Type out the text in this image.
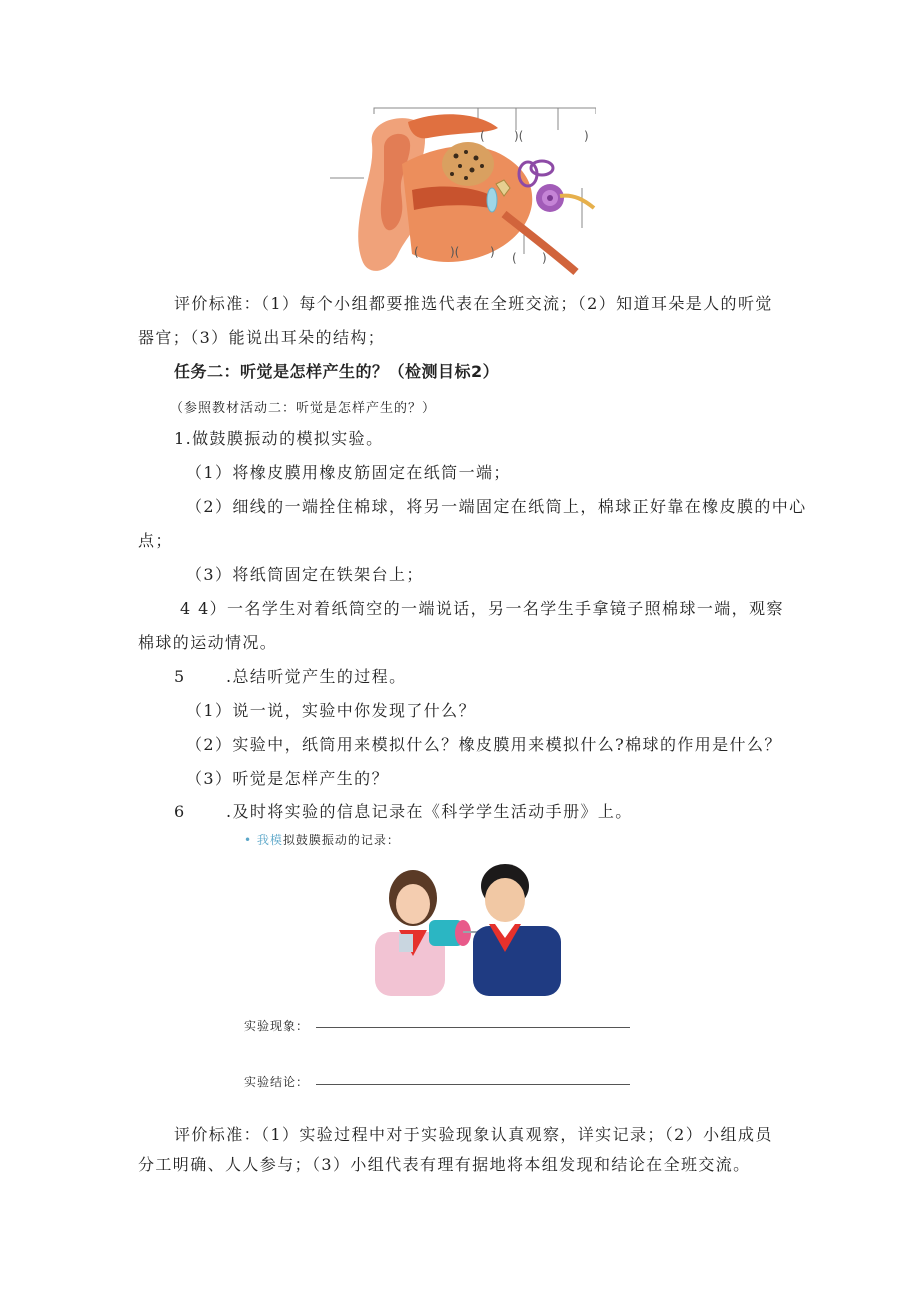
( )(	)
(	)(	) ( )
评价标准：（1）每个小组都要推选代表在全班交流；（2）知道耳朵是人的听觉
器官；（3）能说出耳朵的结构；
任务二：听觉是怎样产生的？（检测目标2）
（参照教材活动二：听觉是怎样产生的？）
1.做鼓膜振动的模拟实验。
（1）将橡皮膜用橡皮筋固定在纸筒一端；
（2）细线的一端拴住棉球，将另一端固定在纸筒上，棉球正好靠在橡皮膜的中心
点；
（3）将纸筒固定在铁架台上；
4 4）一名学生对着纸筒空的一端说话，另一名学生手拿镜子照棉球一端，观察
棉球的运动情况。
5	.总结听觉产生的过程。
（1）说一说，实验中你发现了什么？
（2）实验中，纸筒用来模拟什么？橡皮膜用来模拟什么?棉球的作用是什么？
（3）听觉是怎样产生的？
6	.及时将实验的信息记录在《科学学生活动手册》上。
• 我模拟鼓膜振动的记录：
实验现象：
实验结论：
评价标准：（1）实验过程中对于实验现象认真观察，详实记录；（2）小组成员
分工明确、人人参与；（3）小组代表有理有据地将本组发现和结论在全班交流。
